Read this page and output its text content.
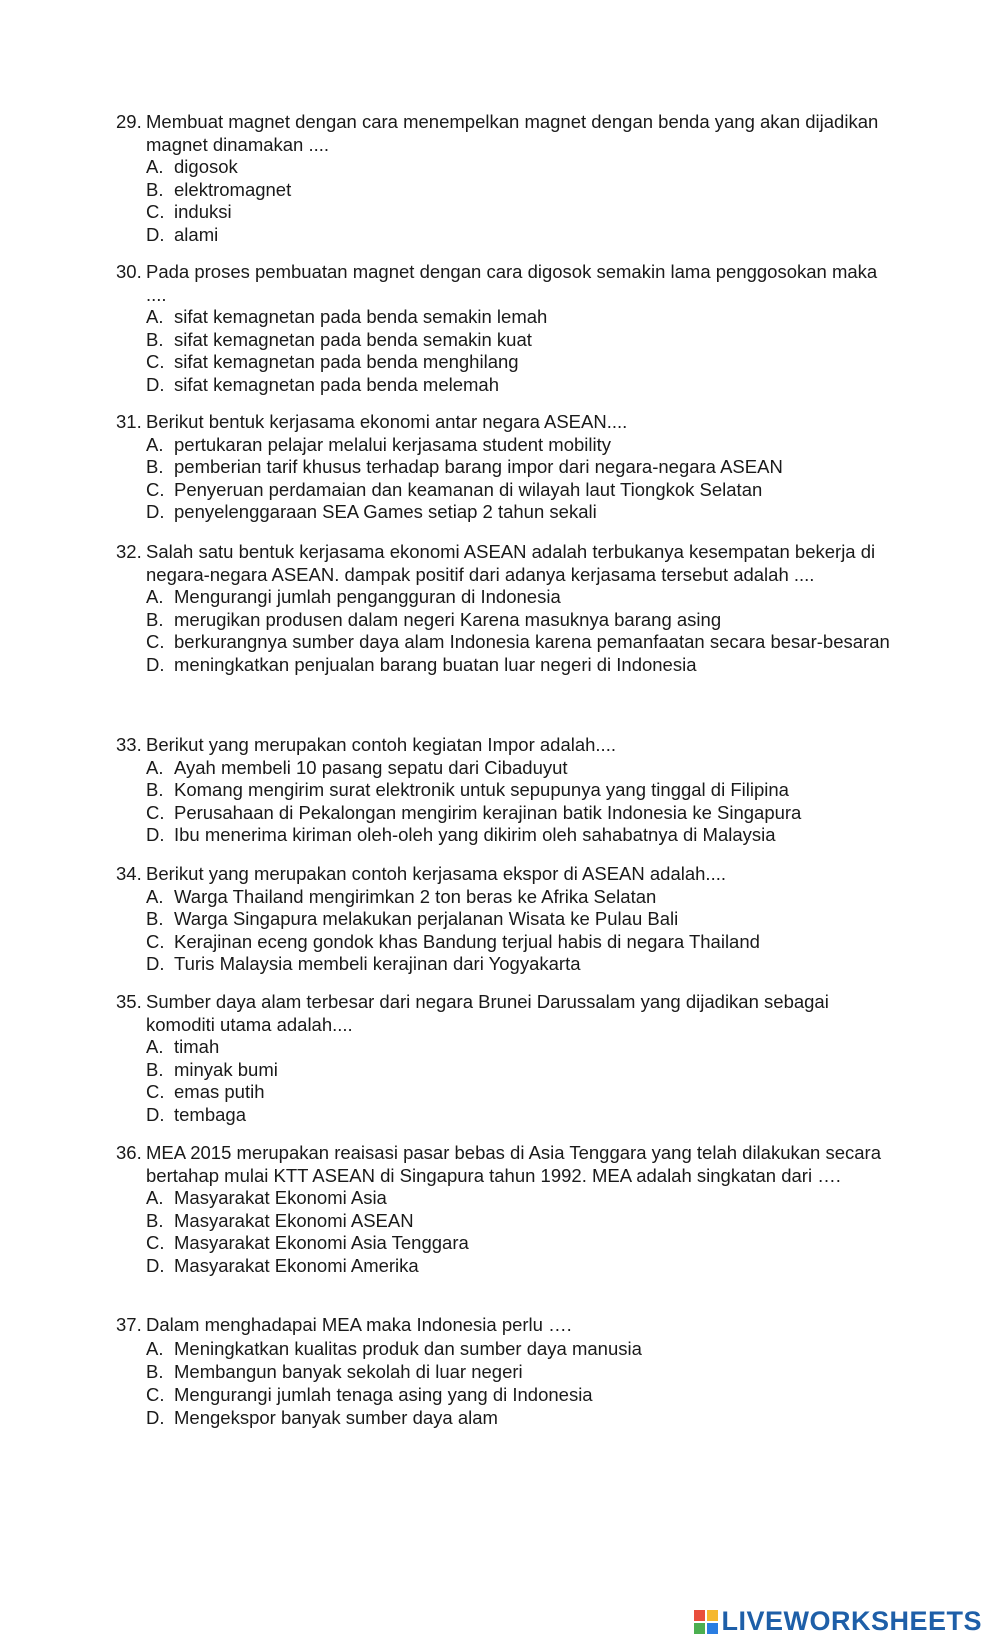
29. Membuat magnet dengan cara menempelkan magnet dengan benda yang akan dijadikan magnet dinamakan ....
A. digosok
B. elektromagnet
C. induksi
D. alami
30. Pada proses pembuatan magnet dengan cara digosok semakin lama penggosokan maka ....
A. sifat kemagnetan pada benda semakin lemah
B. sifat kemagnetan pada benda semakin kuat
C. sifat kemagnetan pada benda menghilang
D. sifat kemagnetan pada benda melemah
31. Berikut bentuk kerjasama ekonomi antar negara ASEAN....
A. pertukaran pelajar melalui kerjasama student mobility
B. pemberian tarif khusus terhadap barang impor dari negara-negara ASEAN
C. Penyeruan perdamaian dan keamanan di wilayah laut Tiongkok Selatan
D. penyelenggaraan SEA Games setiap 2 tahun sekali
32. Salah satu bentuk kerjasama ekonomi ASEAN adalah terbukanya kesempatan bekerja di negara-negara ASEAN. dampak positif dari adanya kerjasama tersebut adalah ....
A. Mengurangi jumlah pengangguran di Indonesia
B. merugikan produsen dalam negeri Karena masuknya barang asing
C. berkurangnya sumber daya alam Indonesia karena pemanfaatan secara besar-besaran
D. meningkatkan penjualan barang buatan luar negeri di Indonesia
33. Berikut yang merupakan contoh kegiatan Impor adalah....
A. Ayah membeli 10 pasang sepatu dari Cibaduyut
B. Komang mengirim surat elektronik untuk sepupunya yang tinggal di Filipina
C. Perusahaan di Pekalongan mengirim kerajinan batik Indonesia ke Singapura
D. Ibu menerima kiriman oleh-oleh yang dikirim oleh sahabatnya di Malaysia
34. Berikut yang merupakan contoh kerjasama ekspor di ASEAN adalah....
A. Warga Thailand mengirimkan 2 ton beras ke Afrika Selatan
B. Warga Singapura melakukan perjalanan Wisata ke Pulau Bali
C. Kerajinan eceng gondok khas Bandung terjual habis di negara Thailand
D. Turis Malaysia membeli kerajinan dari Yogyakarta
35. Sumber daya alam terbesar dari negara Brunei Darussalam yang dijadikan sebagai komoditi utama adalah....
A. timah
B. minyak bumi
C. emas putih
D. tembaga
36. MEA 2015 merupakan reaisasi pasar bebas di Asia Tenggara yang telah dilakukan secara bertahap mulai KTT ASEAN di Singapura tahun 1992. MEA adalah singkatan dari ….
A. Masyarakat Ekonomi Asia
B. Masyarakat Ekonomi ASEAN
C. Masyarakat Ekonomi Asia Tenggara
D. Masyarakat Ekonomi Amerika
37. Dalam menghadapai MEA maka Indonesia perlu ….
A. Meningkatkan kualitas produk dan sumber daya manusia
B. Membangun banyak sekolah di luar negeri
C. Mengurangi jumlah tenaga asing yang di Indonesia
D. Mengekspor banyak sumber daya alam
LIVEWORKSHEETS
